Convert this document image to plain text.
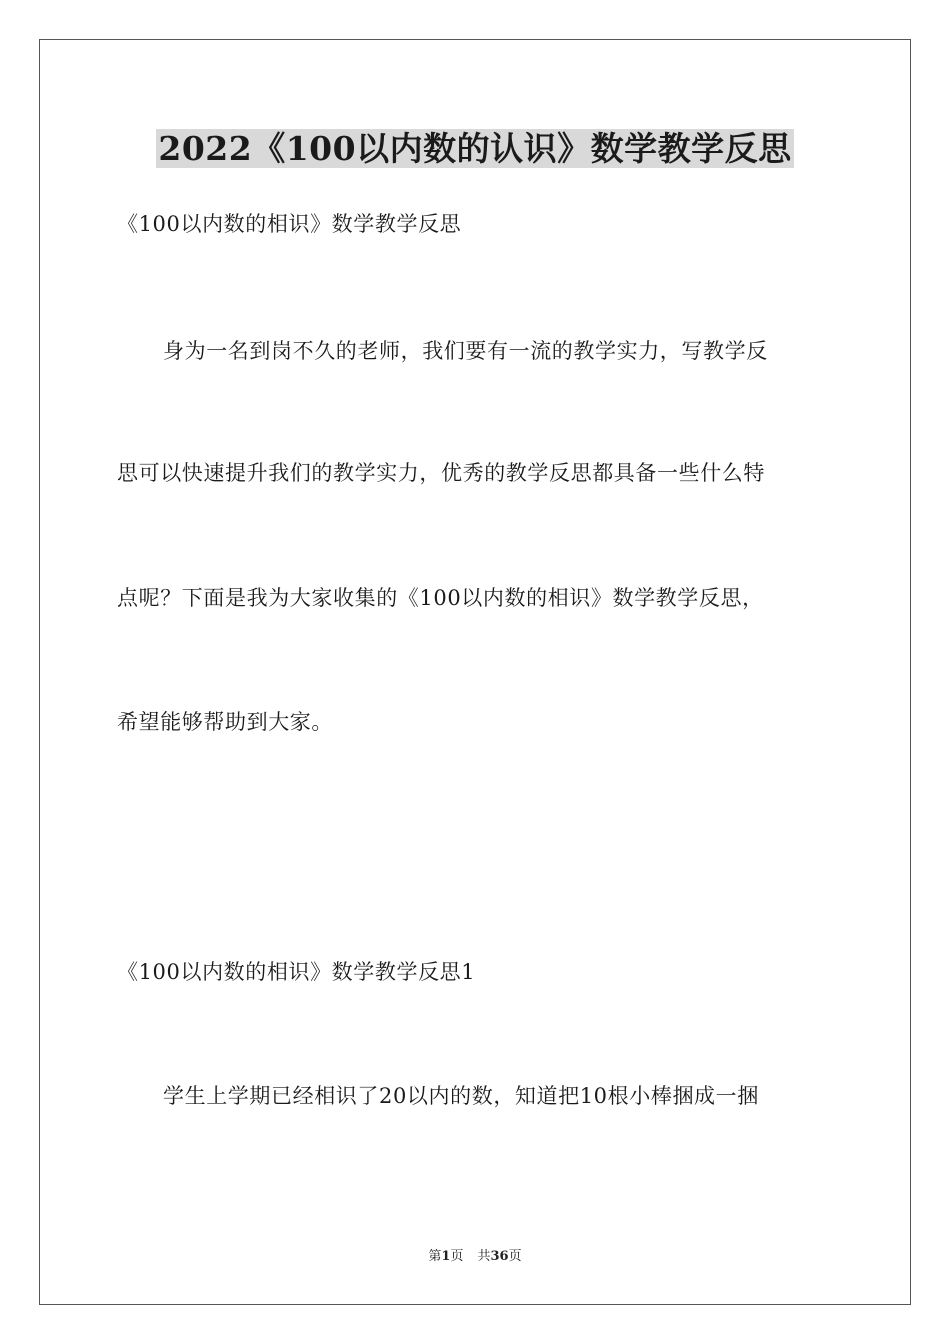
2022《100以内数的认识》数学教学反思
《100以内数的相识》数学教学反思
身为一名到岗不久的老师，我们要有一流的教学实力，写教学反
思可以快速提升我们的教学实力，优秀的教学反思都具备一些什么特
点呢？下面是我为大家收集的《100以内数的相识》数学教学反思，
希望能够帮助到大家。
《100以内数的相识》数学教学反思1
学生上学期已经相识了20以内的数，知道把10根小棒捆成一捆
第1页 共36页
